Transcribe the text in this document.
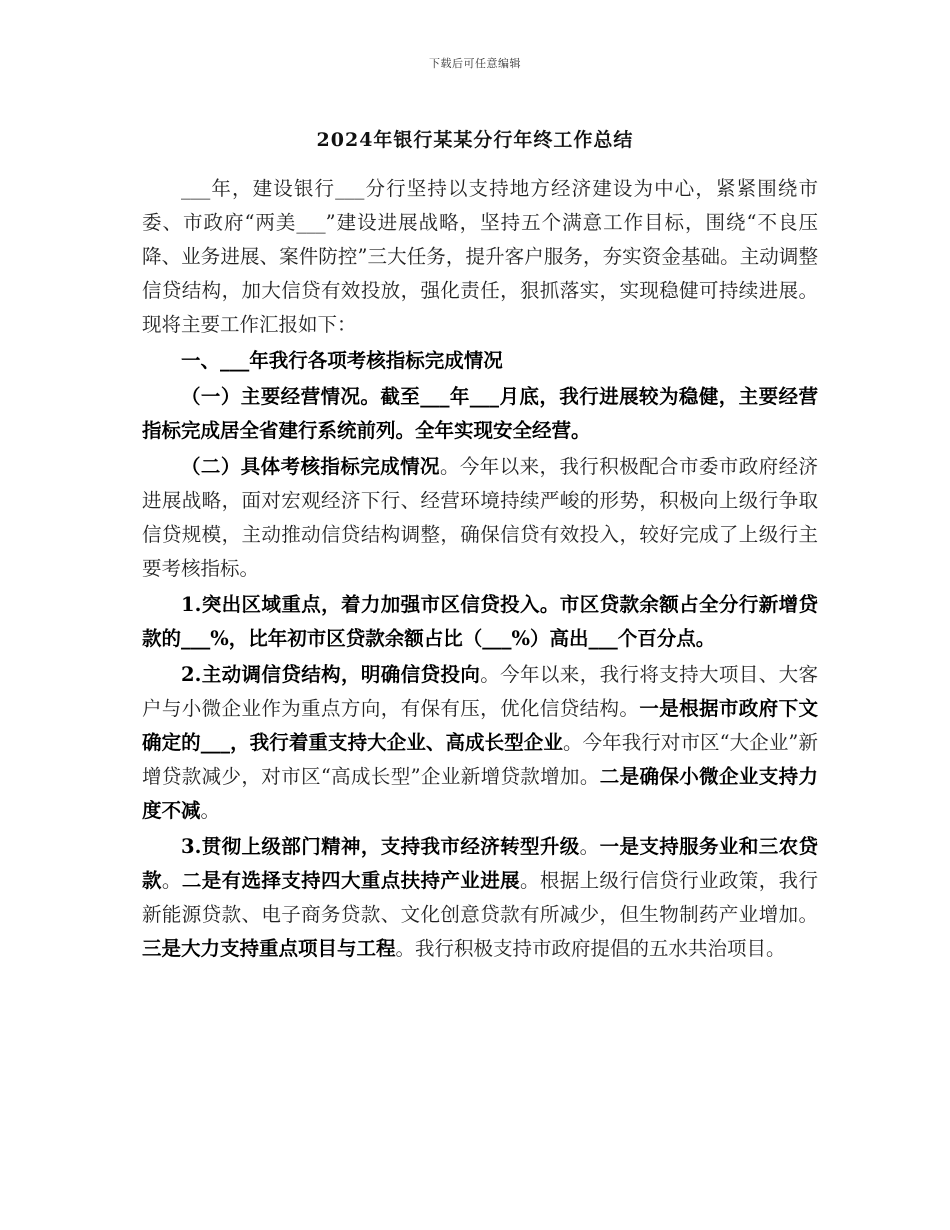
下载后可任意编辑
2024年银行某某分行年终工作总结

___年，建设银行___分行坚持以支持地方经济建设为中心，紧紧围绕市委、市政府“两美___”建设进展战略，坚持五个满意工作目标，围绕“不良压降、业务进展、案件防控”三大任务，提升客户服务，夯实资金基础。主动调整信贷结构，加大信贷有效投放，强化责任，狠抓落实，实现稳健可持续进展。现将主要工作汇报如下：

一、___年我行各项考核指标完成情况

（一）主要经营情况。截至___年___月底，我行进展较为稳健，主要经营指标完成居全省建行系统前列。全年实现安全经营。

（二）具体考核指标完成情况。今年以来，我行积极配合市委市政府经济进展战略，面对宏观经济下行、经营环境持续严峻的形势，积极向上级行争取信贷规模，主动推动信贷结构调整，确保信贷有效投入，较好完成了上级行主要考核指标。

1.突出区域重点，着力加强市区信贷投入。市区贷款余额占全分行新增贷款的___%，比年初市区贷款余额占比（___%）高出___个百分点。

2.主动调信贷结构，明确信贷投向。今年以来，我行将支持大项目、大客户与小微企业作为重点方向，有保有压，优化信贷结构。一是根据市政府下文确定的___，我行着重支持大企业、高成长型企业。今年我行对市区“大企业”新增贷款减少，对市区“高成长型”企业新增贷款增加。二是确保小微企业支持力度不减。

3.贯彻上级部门精神，支持我市经济转型升级。一是支持服务业和三农贷款。二是有选择支持四大重点扶持产业进展。根据上级行信贷行业政策，我行新能源贷款、电子商务贷款、文化创意贷款有所减少，但生物制药产业增加。三是大力支持重点项目与工程。我行积极支持市政府提倡的五水共治项目。
